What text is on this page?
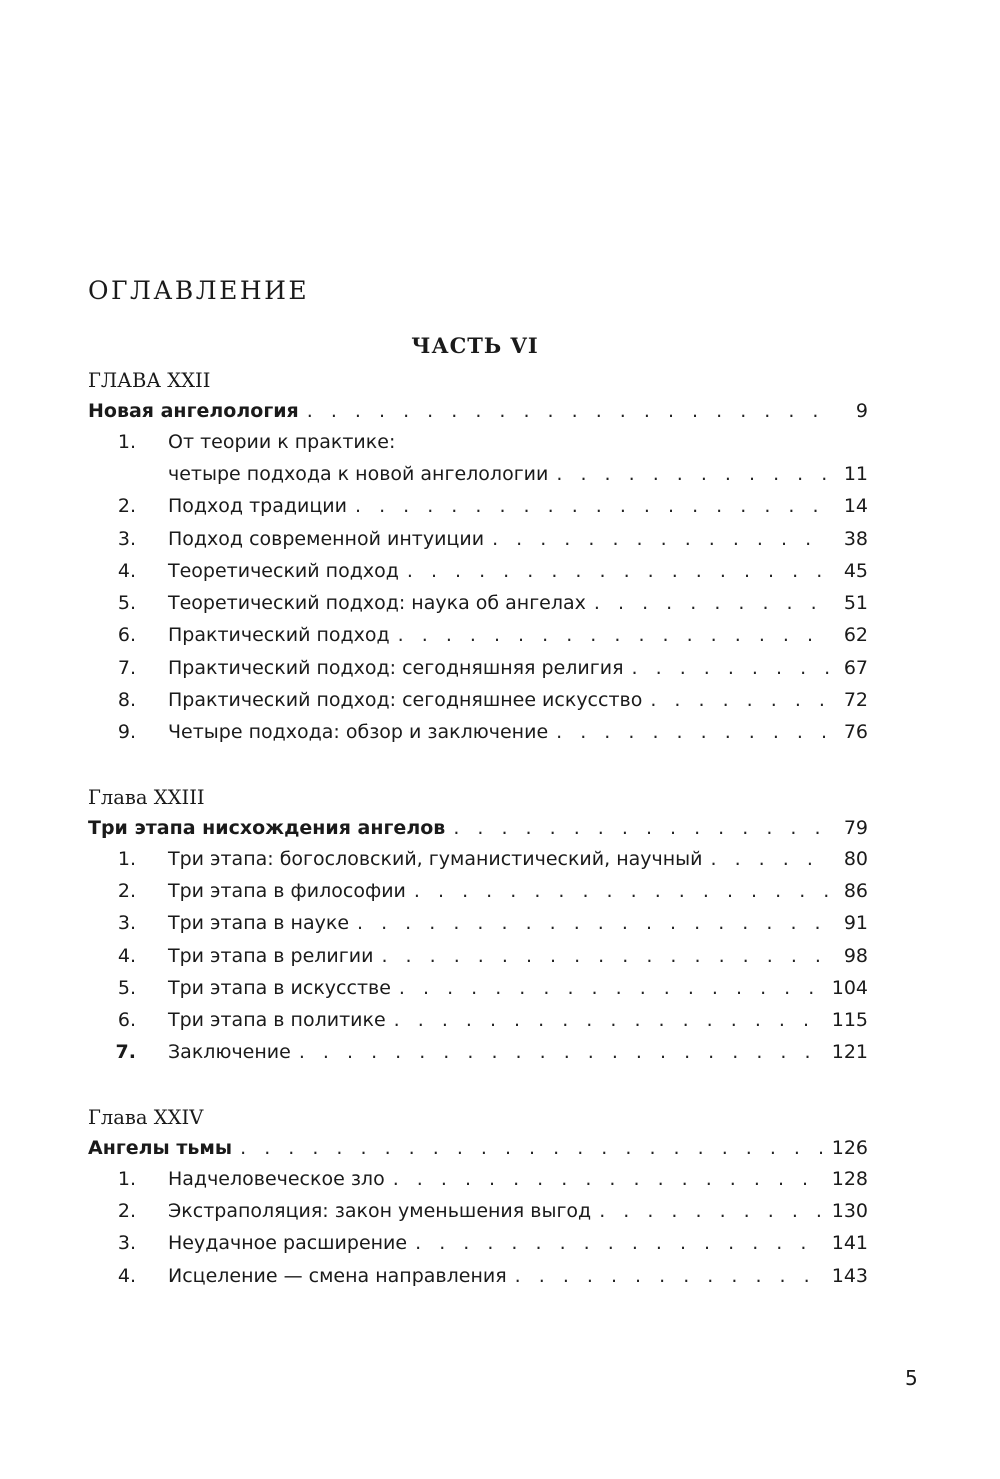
ОГЛАВЛЕНИЕ
ЧАСТЬ VI
ГЛАВА XXII
Новая ангелология . . .	9
1.	От теории к практике:
четыре подхода к новой ангелологии . . .	11
2.	Подход традиции . . .	14
3.	Подход современной интуиции . . .	38
4.	Теоретический подход . . .	45
5.	Теоретический подход: наука об ангелах . . .	51
6.	Практический подход . . .	62
7.	Практический подход: сегодняшняя религия . . .	67
8.	Практический подход: сегодняшнее искусство . . .	72
9.	Четыре подхода: обзор и заключение . . .	76
Глава XXIII
Три этапа нисхождения ангелов . . .	79
1.	Три этапа: богословский, гуманистический, научный . . .	80
2.	Три этапа в философии . . .	86
3.	Три этапа в науке . . .	91
4.	Три этапа в религии . . .	98
5.	Три этапа в искусстве . . .	104
6.	Три этапа в политике . . .	115
7.	Заключение . . .	121
Глава XXIV
Ангелы тьмы . . .	126
1.	Надчеловеческое зло . . .	128
2.	Экстраполяция: закон уменьшения выгод . . .	130
3.	Неудачное расширение . . .	141
4.	Исцеление — смена направления . . .	143
5
